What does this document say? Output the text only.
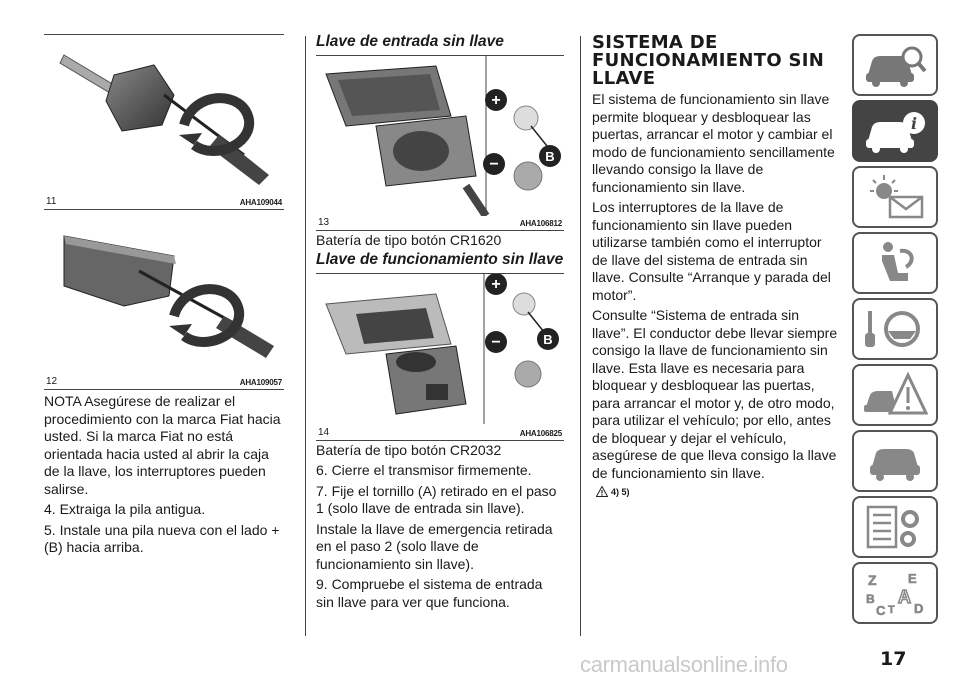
11	AHA109044
12	AHA109057

NOTA Asegúrese de realizar el procedimiento con la marca Fiat hacia usted. Si la marca Fiat no está orientada hacia usted al abrir la caja de la llave, los interruptores pueden salirse.

4. Extraiga la pila antigua.

5. Instale una pila nueva con el lado + (B) hacia arriba.

Llave de entrada sin llave
+
−	B
13	AHA106812

Batería de tipo botón CR1620

Llave de funcionamiento sin llave
+
−	B
14	AHA106825

Batería de tipo botón CR2032

6. Cierre el transmisor firmemente.

7. Fije el tornillo (A) retirado en el paso 1 (solo llave de entrada sin llave).

Instale la llave de emergencia retirada en el paso 2 (solo llave de funcionamiento sin llave).

9. Compruebe el sistema de entrada sin llave para ver que funciona.

SISTEMA DE
FUNCIONAMIENTO SIN
LLAVE

El sistema de funcionamiento sin llave permite bloquear y desbloquear las puertas, arrancar el motor y cambiar el modo de funcionamiento sencillamente llevando consigo la llave de funcionamiento sin llave.

Los interruptores de la llave de funcionamiento sin llave pueden utilizarse también como el interruptor de llave del sistema de entrada sin llave. Consulte “Arranque y parada del motor”.

Consulte “Sistema de entrada sin llave”. El conductor debe llevar siempre consigo la llave de funcionamiento sin llave. Esta llave es necesaria para bloquear y desbloquear las puertas, para arrancar el motor y, de otro modo, para utilizar el vehículo; por ello, antes de bloquear y dejar el vehículo, asegúrese de que lleva consigo la llave de funcionamiento sin llave.

4) 5)
i
Z E
B A
C T D
carmanualsonline.info	17
